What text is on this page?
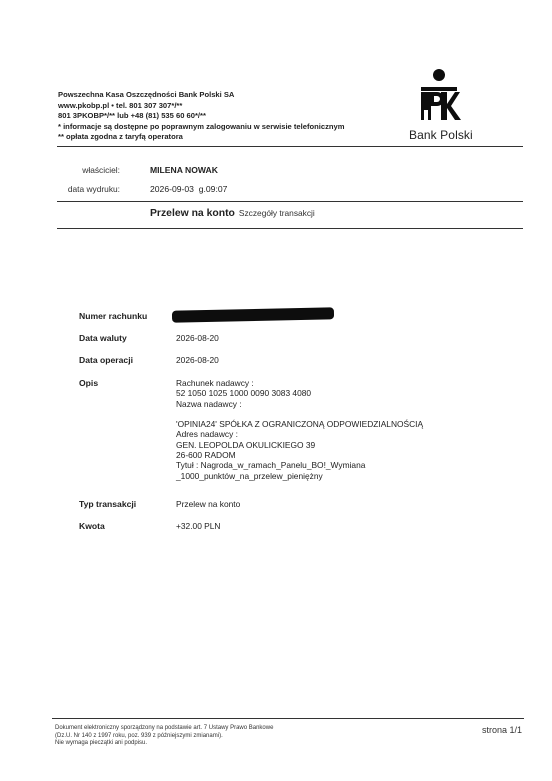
Powszechna Kasa Oszczędności Bank Polski SA
www.pkobp.pl • tel. 801 307 307*/**
801 3PKOBP*/** lub +48 (81) 535 60 60*/**
* informacje są dostępne po poprawnym zalogowaniu w serwisie telefonicznym
** opłata zgodna z taryfą operatora	Bank Polski
właściciel:	MILENA NOWAK
data wydruku:	2026-09-03  g.09:07
Przelew na konto Szczegóły transakcji
Numer rachunku
Data waluty	2026-08-20
Data operacji	2026-08-20
Opis	Rachunek nadawcy :
52 1050 1025 1000 0090 3083 4080
Nazwa nadawcy :
'OPINIA24' SPÓŁKA Z OGRANICZONĄ ODPOWIEDZIALNOŚCIĄ
Adres nadawcy :
GEN. LEOPOLDA OKULICKIEGO 39
26-600 RADOM
Tytuł : Nagroda_w_ramach_Panelu_BO!_Wymiana
_1000_punktów_na_przelew_pieniężny
Typ transakcji	Przelew na konto
Kwota	+32.00 PLN
Dokument elektroniczny sporządzony na podstawie art. 7 Ustawy Prawo Bankowe
(Dz.U. Nr 140 z 1997 roku, poz. 939 z późniejszymi zmianami).
Nie wymaga pieczątki ani podpisu.
strona 1/1
